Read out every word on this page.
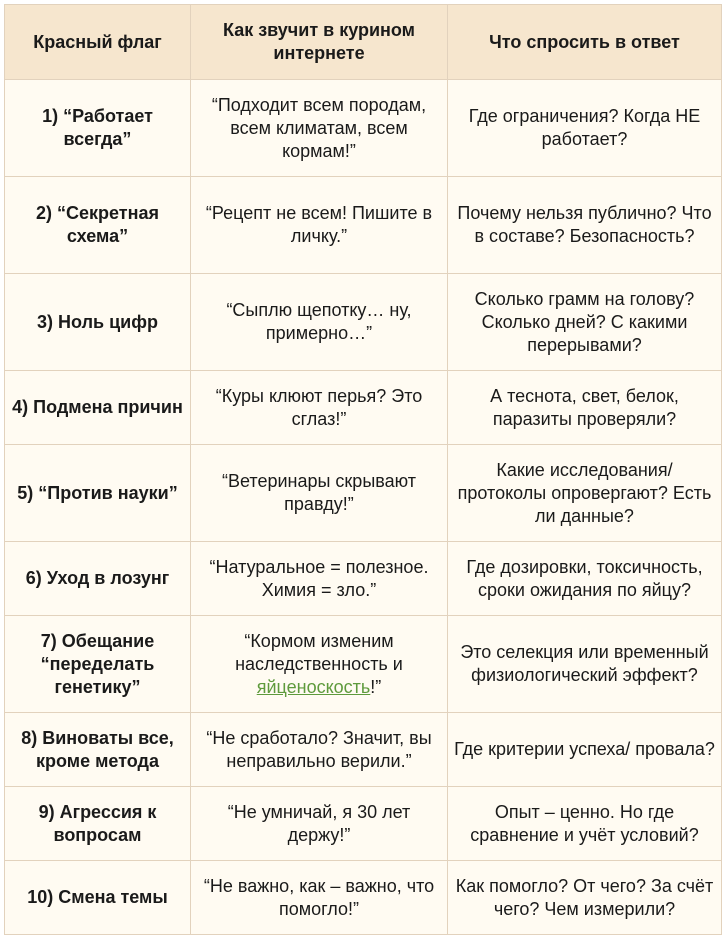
Красный флаг	Как звучит в курином интернете	Что спросить в ответ
1) “Работает всегда”	“Подходит всем породам, всем климатам, всем кормам!”	Где ограничения? Когда НЕ работает?
2) “Секретная схема”	“Рецепт не всем! Пишите в личку.”	Почему нельзя публично? Что в составе? Безопасность?
3) Ноль цифр	“Сыплю щепотку… ну, примерно…”	Сколько грамм на голову? Сколько дней? С какими перерывами?
4) Подмена причин	“Куры клюют перья? Это сглаз!”	А теснота, свет, белок, паразиты проверяли?
5) “Против науки”	“Ветеринары скрывают правду!”	Какие исследования/ протоколы опровергают? Есть ли данные?
6) Уход в лозунг	“Натуральное = полезное. Химия = зло.”	Где дозировки, токсичность, сроки ожидания по яйцу?
7) Обещание “переделать генетику”	“Кормом изменим наследственность и яйценоскость!”	Это селекция или временный физиологический эффект?
8) Виноваты все, кроме метода	“Не сработало? Значит, вы неправильно верили.”	Где критерии успеха/ провала?
9) Агрессия к вопросам	“Не умничай, я 30 лет держу!”	Опыт – ценно. Но где сравнение и учёт условий?
10) Смена темы	“Не важно, как – важно, что помогло!”	Как помогло? От чего? За счёт чего? Чем измерили?
